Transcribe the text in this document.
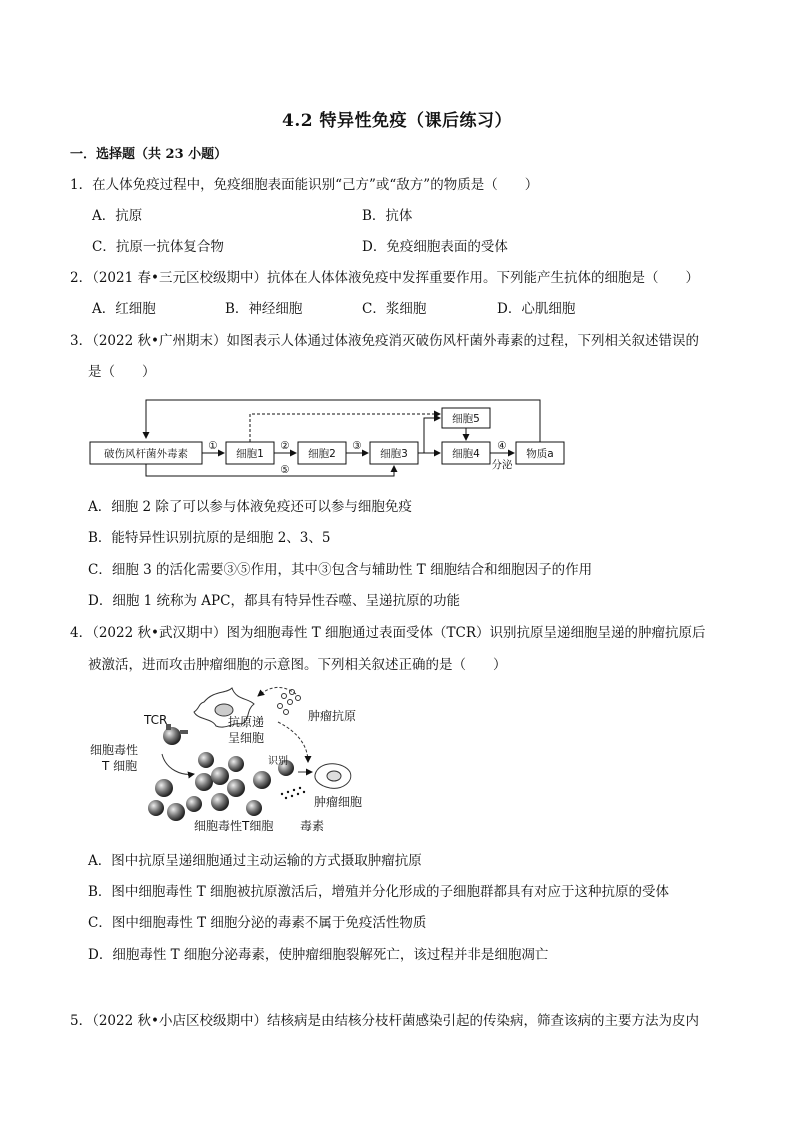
4.2 特异性免疫（课后练习）
一．选择题（共 23 小题）
1．在人体免疫过程中，免疫细胞表面能识别“己方”或“敌方”的物质是（　　）
A．抗原	B．抗体
C．抗原一抗体复合物	D．免疫细胞表面的受体
2．（2021 春•三元区校级期中）抗体在人体体液免疫中发挥重要作用。下列能产生抗体的细胞是（　　）
A．红细胞	B．神经细胞	C．浆细胞	D．心肌细胞
3．（2022 秋•广州期末）如图表示人体通过体液免疫消灭破伤风杆菌外毒素的过程，下列相关叙述错误的
是（　　）
破伤风杆菌外毒素	细胞1	细胞2	细胞3
细胞5
细胞4	物质a
①	②	③	④
⑤	分泌
A．细胞 2 除了可以参与体液免疫还可以参与细胞免疫
B．能特异性识别抗原的是细胞 2、3、5
C．细胞 3 的活化需要③⑤作用，其中③包含与辅助性 T 细胞结合和细胞因子的作用
D．细胞 1 统称为 APC，都具有特异性吞噬、呈递抗原的功能
4．（2022 秋•武汉期中）图为细胞毒性 T 细胞通过表面受体（TCR）识别抗原呈递细胞呈递的肿瘤抗原后
被激活，进而攻击肿瘤细胞的示意图。下列相关叙述正确的是（　　）
TCR
细胞毒性
T 细胞
抗原递
呈细胞
肿瘤抗原
识别
肿瘤细胞
细胞毒性T细胞 毒素
A．图中抗原呈递细胞通过主动运输的方式摄取肿瘤抗原
B．图中细胞毒性 T 细胞被抗原激活后，增殖并分化形成的子细胞群都具有对应于这种抗原的受体
C．图中细胞毒性 T 细胞分泌的毒素不属于免疫活性物质
D．细胞毒性 T 细胞分泌毒素，使肿瘤细胞裂解死亡，该过程并非是细胞凋亡
5．（2022 秋•小店区校级期中）结核病是由结核分枝杆菌感染引起的传染病，筛查该病的主要方法为皮内
